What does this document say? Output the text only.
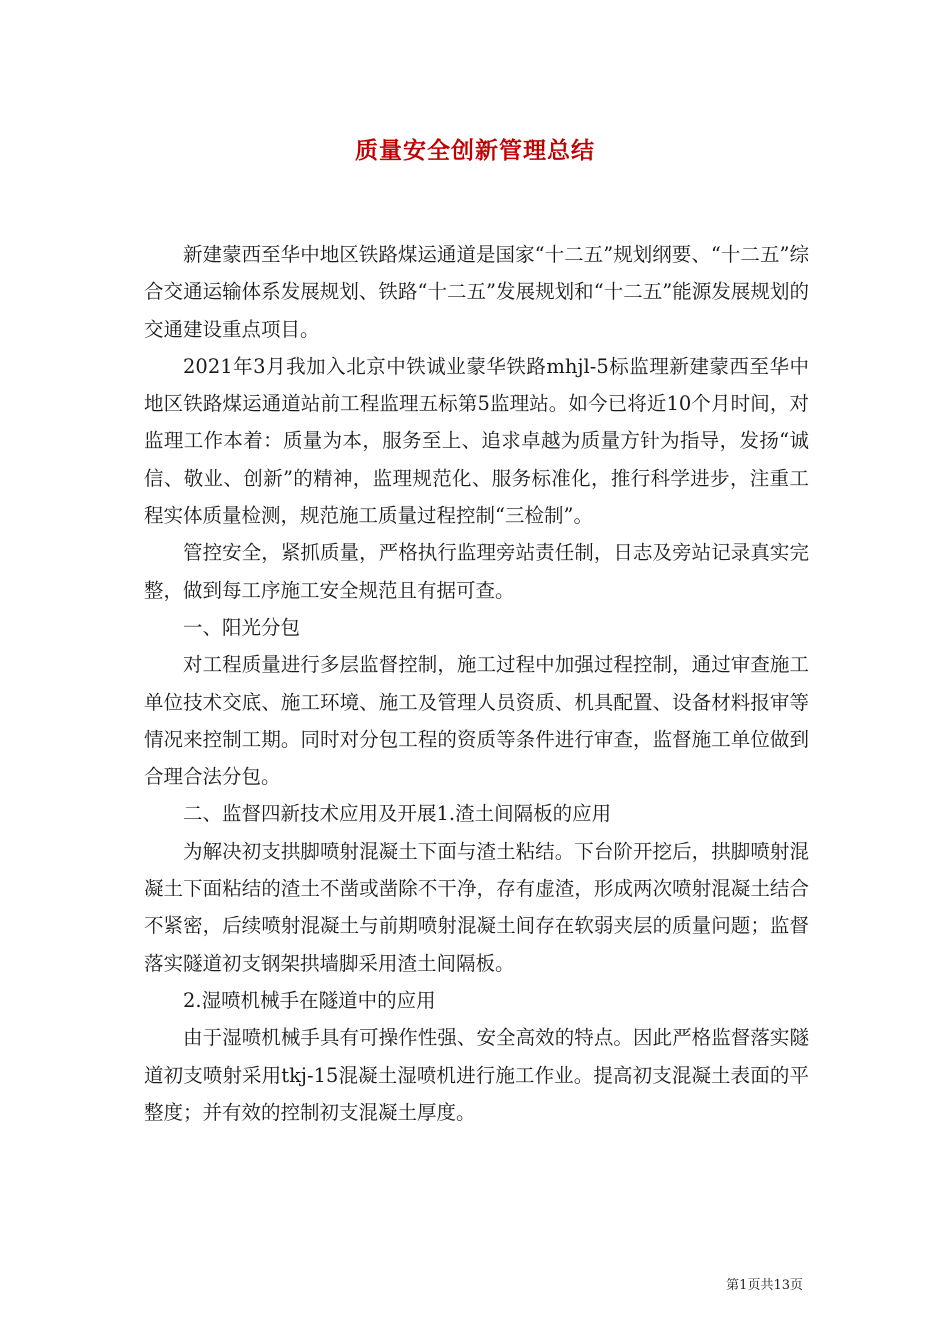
质量安全创新管理总结

新建蒙西至华中地区铁路煤运通道是国家“十二五”规划纲要、“十二五”综合交通运输体系发展规划、铁路“十二五”发展规划和“十二五”能源发展规划的交通建设重点项目。

2021年3月我加入北京中铁诚业蒙华铁路mhjl-5标监理新建蒙西至华中地区铁路煤运通道站前工程监理五标第5监理站。如今已将近10个月时间，对监理工作本着：质量为本，服务至上、追求卓越为质量方针为指导，发扬“诚信、敬业、创新”的精神，监理规范化、服务标准化，推行科学进步，注重工程实体质量检测，规范施工质量过程控制“三检制”。

管控安全，紧抓质量，严格执行监理旁站责任制，日志及旁站记录真实完整，做到每工序施工安全规范且有据可查。

一、阳光分包

对工程质量进行多层监督控制，施工过程中加强过程控制，通过审查施工单位技术交底、施工环境、施工及管理人员资质、机具配置、设备材料报审等情况来控制工期。同时对分包工程的资质等条件进行审查，监督施工单位做到合理合法分包。

二、监督四新技术应用及开展1.渣土间隔板的应用

为解决初支拱脚喷射混凝土下面与渣土粘结。下台阶开挖后，拱脚喷射混凝土下面粘结的渣土不凿或凿除不干净，存有虚渣，形成两次喷射混凝土结合不紧密，后续喷射混凝土与前期喷射混凝土间存在软弱夹层的质量问题；监督落实隧道初支钢架拱墙脚采用渣土间隔板。

2.湿喷机械手在隧道中的应用

由于湿喷机械手具有可操作性强、安全高效的特点。因此严格监督落实隧道初支喷射采用tkj-15混凝土湿喷机进行施工作业。提高初支混凝土表面的平整度；并有效的控制初支混凝土厚度。

第1页共13页
